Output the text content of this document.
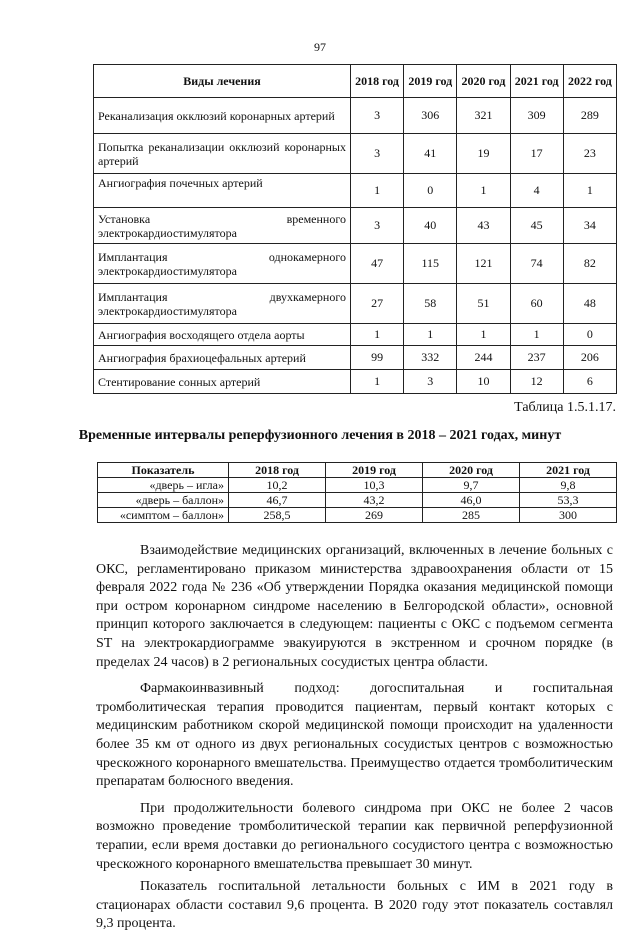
97
Виды лечения	2018 год	2019 год	2020 год	2021 год	2022 год
Реканализация окклюзий коронарных артерий	3	306	321	309	289
Попытка реканализации окклюзий коронарных артерий	3	41	19	17	23
Ангиография почечных артерий	1	0	1	4	1
Установка временного электрокардиостимулятора	3	40	43	45	34
Имплантация однокамерного электрокардиостимулятора	47	115	121	74	82
Имплантация двухкамерного электрокардиостимулятора	27	58	51	60	48
Ангиография восходящего отдела аорты	1	1	1	1	0
Ангиография брахиоцефальных артерий	99	332	244	237	206
Стентирование сонных артерий	1	3	10	12	6
Таблица 1.5.1.17.
Временные интервалы реперфузионного лечения в 2018 – 2021 годах, минут
Показатель	2018 год	2019 год	2020 год	2021 год
«дверь – игла»	10,2	10,3	9,7	9,8
«дверь – баллон»	46,7	43,2	46,0	53,3
«симптом – баллон»	258,5	269	285	300

Взаимодействие медицинских организаций, включенных в лечение больных с ОКС, регламентировано приказом министерства здравоохранения области от 15 февраля 2022 года № 236 «Об утверждении Порядка оказания медицинской помощи при остром коронарном синдроме населению в Белгородской области», основной принцип которого заключается в следующем: пациенты с ОКС с подъемом сегмента ST на электрокардиограмме эвакуируются в экстренном и срочном порядке (в пределах 24 часов) в 2 региональных сосудистых центра области.

Фармакоинвазивный подход: догоспитальная и госпитальная тромболитическая терапия проводится пациентам, первый контакт которых с медицинским работником скорой медицинской помощи происходит на удаленности более 35 км от одного из двух региональных сосудистых центров с возможностью чрескожного коронарного вмешательства. Преимущество отдается тромболитическим препаратам болюсного введения.

При продолжительности болевого синдрома при ОКС не более 2 часов возможно проведение тромболитической терапии как первичной реперфузионной терапии, если время доставки до регионального сосудистого центра с возможностью чрескожного коронарного вмешательства превышает 30 минут.

Показатель госпитальной летальности больных с ИМ в 2021 году в стационарах области составил 9,6 процента. В 2020 году этот показатель составлял 9,3 процента.
